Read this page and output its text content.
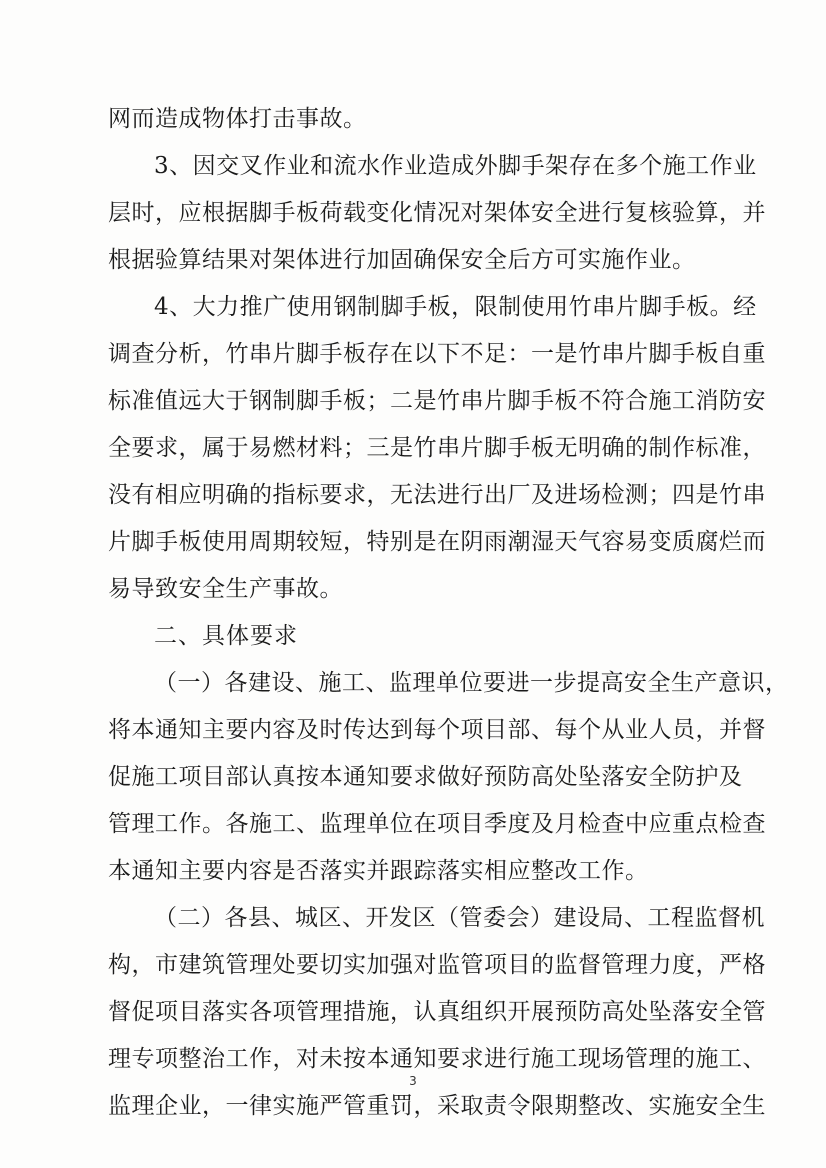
网而造成物体打击事故。
3、因交叉作业和流水作业造成外脚手架存在多个施工作业
层时，应根据脚手板荷载变化情况对架体安全进行复核验算，并
根据验算结果对架体进行加固确保安全后方可实施作业。
4、大力推广使用钢制脚手板，限制使用竹串片脚手板。经
调查分析，竹串片脚手板存在以下不足：一是竹串片脚手板自重
标准值远大于钢制脚手板；二是竹串片脚手板不符合施工消防安
全要求，属于易燃材料；三是竹串片脚手板无明确的制作标准，
没有相应明确的指标要求，无法进行出厂及进场检测；四是竹串
片脚手板使用周期较短，特别是在阴雨潮湿天气容易变质腐烂而
易导致安全生产事故。
二、具体要求
（一）各建设、施工、监理单位要进一步提高安全生产意识，
将本通知主要内容及时传达到每个项目部、每个从业人员，并督
促施工项目部认真按本通知要求做好预防高处坠落安全防护及
管理工作。各施工、监理单位在项目季度及月检查中应重点检查
本通知主要内容是否落实并跟踪落实相应整改工作。
（二）各县、城区、开发区（管委会）建设局、工程监督机
构，市建筑管理处要切实加强对监管项目的监督管理力度，严格
督促项目落实各项管理措施，认真组织开展预防高处坠落安全管
理专项整治工作，对未按本通知要求进行施工现场管理的施工、
监理企业，一律实施严管重罚，采取责令限期整改、实施安全生
3
